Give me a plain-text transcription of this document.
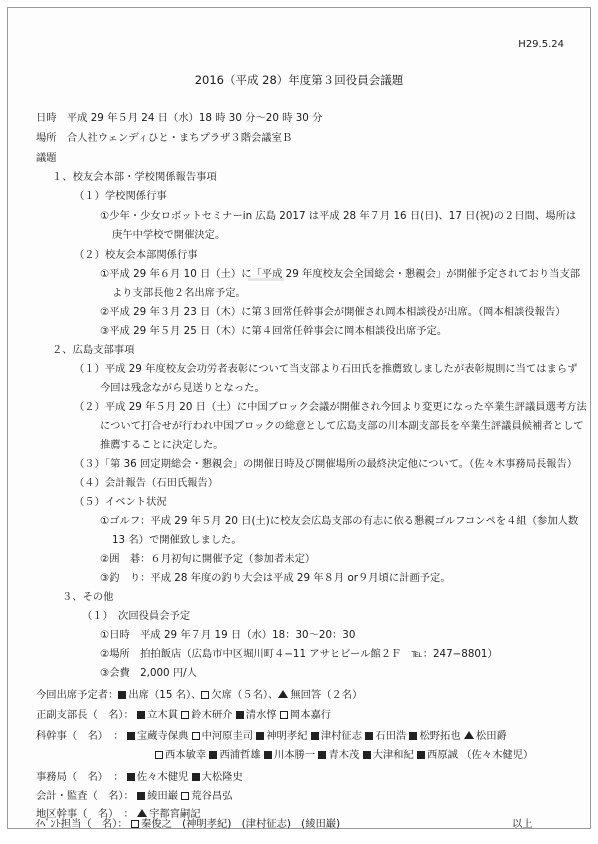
H29.5.24
2016（平成 28）年度第３回役員会議題
日時　平成 29 年５月 24 日（水）18 時 30 分～20 時 30 分
場所　合人社ウェンディひと・まちプラザ３階会議室Ｂ
議題
１、校友会本部・学校関係報告事項
（１）学校関係行事
①少年・少女ロボットセミナーin 広島 2017 は平成 28 年７月 16 日(日)、17 日(祝)の２日間、場所は
庚午中学校で開催決定。
（２）校友会本部関係行事
①平成 29 年６月 10 日（土）に「平成 29 年度校友会全国総会・懇親会」が開催予定されており当支部
より支部長他２名出席予定。
②平成 29 年３月 23 日（木）に第３回常任幹事会が開催され岡本相談役が出席。（岡本相談役報告）
③平成 29 年５月 25 日（木）に第４回常任幹事会に岡本相談役出席予定。
２、広島支部事項
（１）平成 29 年度校友会功労者表彰について当支部より石田氏を推薦致しましたが表彰規則に当てはまらず
今回は残念ながら見送りとなった。
（２）平成 29 年５月 20 日（土）に中国ブロック会議が開催され今回より変更になった卒業生評議員選考方法
について打合せが行われ中国ブロックの総意として広島支部の川本副支部長を卒業生評議員候補者として
推薦することに決定した。
（３）「第 36 回定期総会・懇親会」の開催日時及び開催場所の最終決定他について。（佐々木事務局長報告）
（４）会計報告（石田氏報告）
（５）イベント状況
①ゴルフ：平成 29 年５月 20 日(土)に校友会広島支部の有志に依る懇親ゴルフコンペを４組（参加人数
13 名）で開催致しました。
②囲　碁：６月初旬に開催予定（参加者未定）
③釣　り：平成 28 年度の釣り大会は平成 29 年８月 or９月頃に計画予定。
３、その他
（１）　次回役員会予定
①日時　平成 29 年７月 19 日（水）18：30～20：30
②場所　拍拍飯店（広島市中区堀川町４−11 アサヒビール館２Ｆ　℡：247−8801）
③会費　2,000 円/人
今回出席予定者： 出席（15 名）、 欠席（５名）、 無回答（２名）
正副支部長（　名）： 立木貫 鈴木研介 清水惇 岡本嘉行
科幹事（　名）　： 宝蔵寺保典 中河原圭司 神明孝紀 津村征志 石田浩 松野拓也 松田爵
西本敏幸 西浦哲雄 川本勝一 青木茂 大津和紀 西原誠 （佐々木健児）
事務局（　名）　： 佐々木健児 大松隆史
会計・監査（　名）： 綾田巌 荒谷昌弘
地区幹事（　名）　： 宇都宮嗣記
ｲﾍﾞﾝﾄ担当（　名）： 秦俊之　(神明孝紀)　(津村征志)　(綾田巌)	以上
